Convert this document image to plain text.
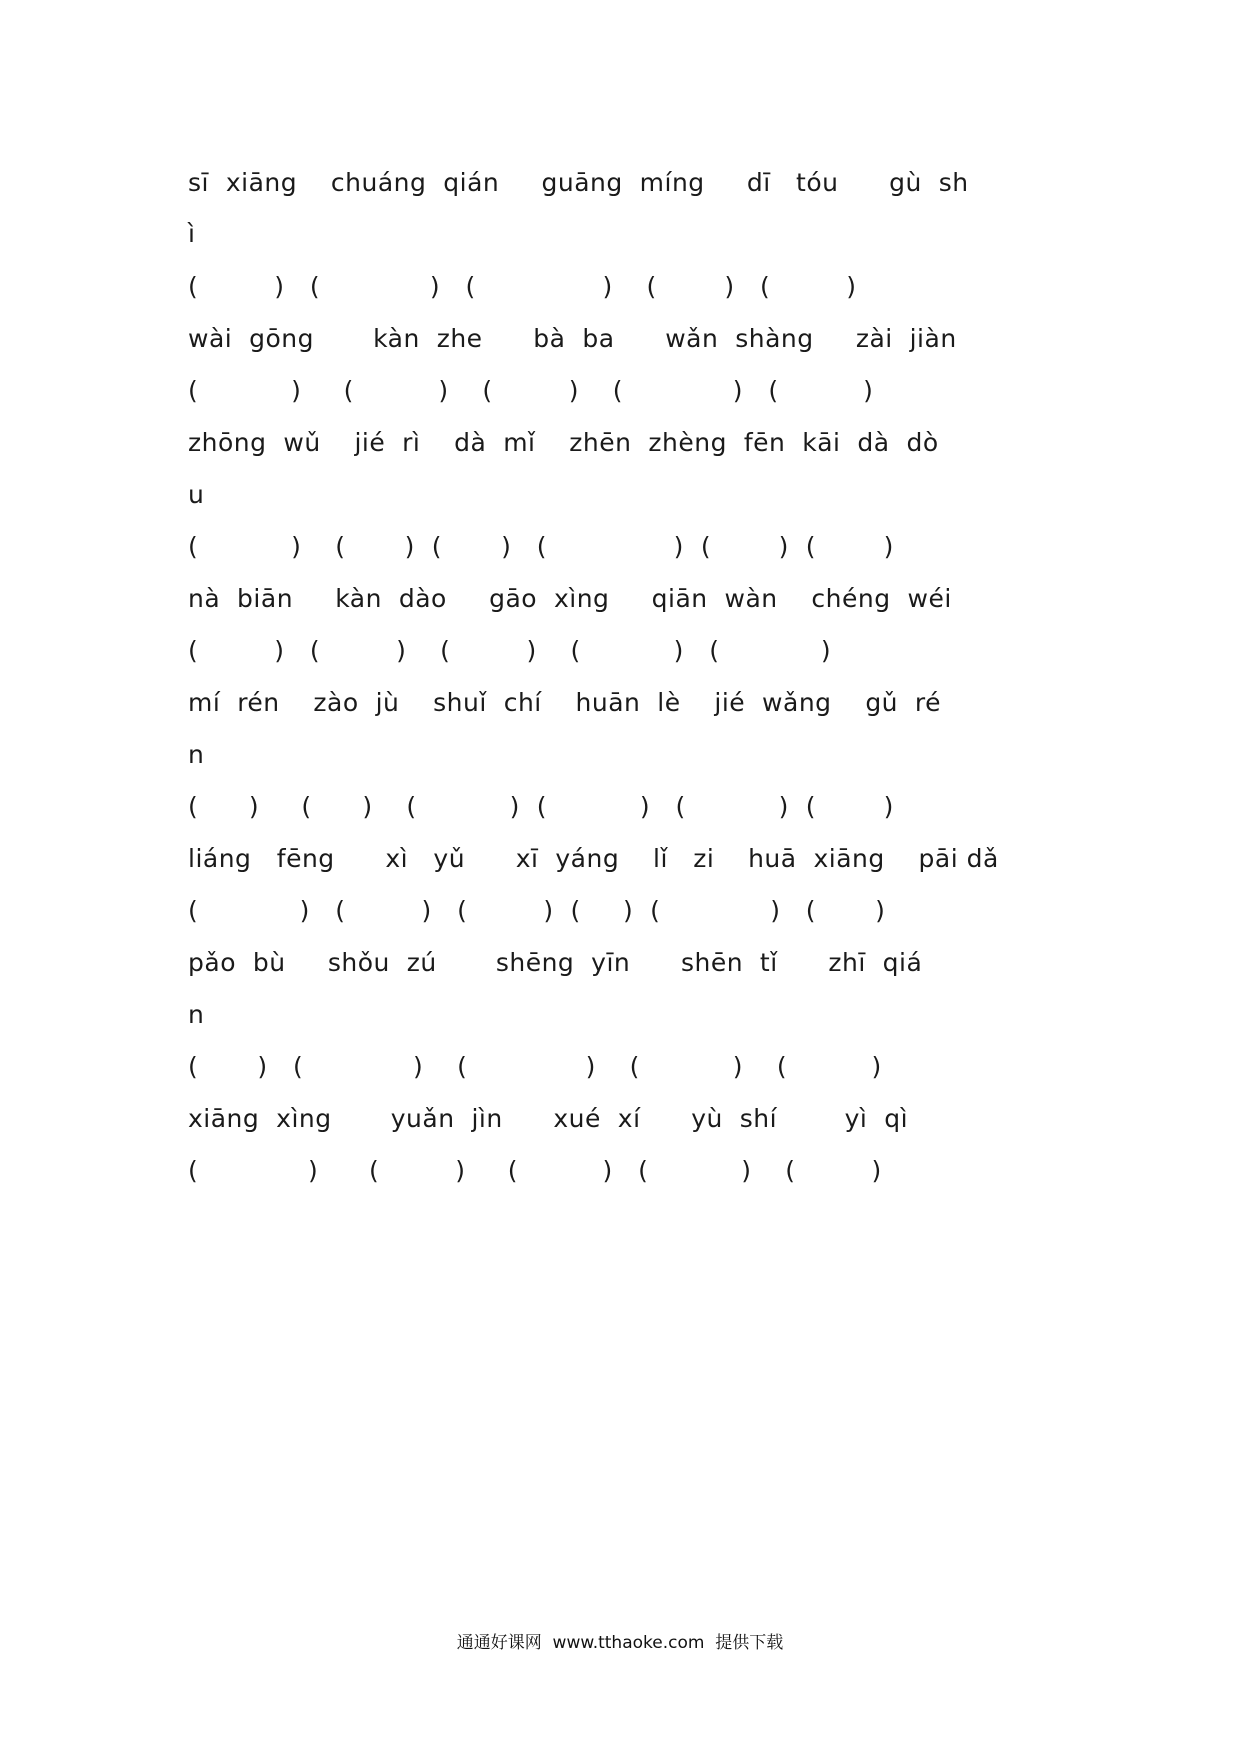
sī  xiāng    chuáng  qián     guāng  míng     dī   tóu      gù  sh
ì
(         )   (             )   (               )    (        )   (         )
wài  gōng       kàn  zhe      bà  ba      wǎn  shàng     zài  jiàn
(           )     (          )    (         )    (             )   (          )
zhōng  wǔ    jié  rì    dà  mǐ    zhēn  zhèng  fēn  kāi  dà  dò
u
(           )    (       )  (       )   (               )  (        )  (        )
nà  biān     kàn  dào     gāo  xìng     qiān  wàn    chéng  wéi
(         )   (         )    (         )    (           )   (            )
mí  rén    zào  jù    shuǐ  chí    huān  lè    jié  wǎng    gǔ  ré
n
(      )     (      )    (           )  (           )   (           )  (        )
liáng   fēng      xì   yǔ      xī  yáng    lǐ   zi    huā  xiāng    pāi dǎ
(            )   (         )   (         )  (     )  (             )   (       )
pǎo  bù     shǒu  zú       shēng  yīn      shēn  tǐ      zhī  qiá
n
(       )   (             )    (              )    (           )    (          )
xiāng  xìng       yuǎn  jìn      xué  xí      yù  shí        yì  qì
(             )      (         )     (          )   (           )    (         )
通通好课网  www.tthaoke.com  提供下载
